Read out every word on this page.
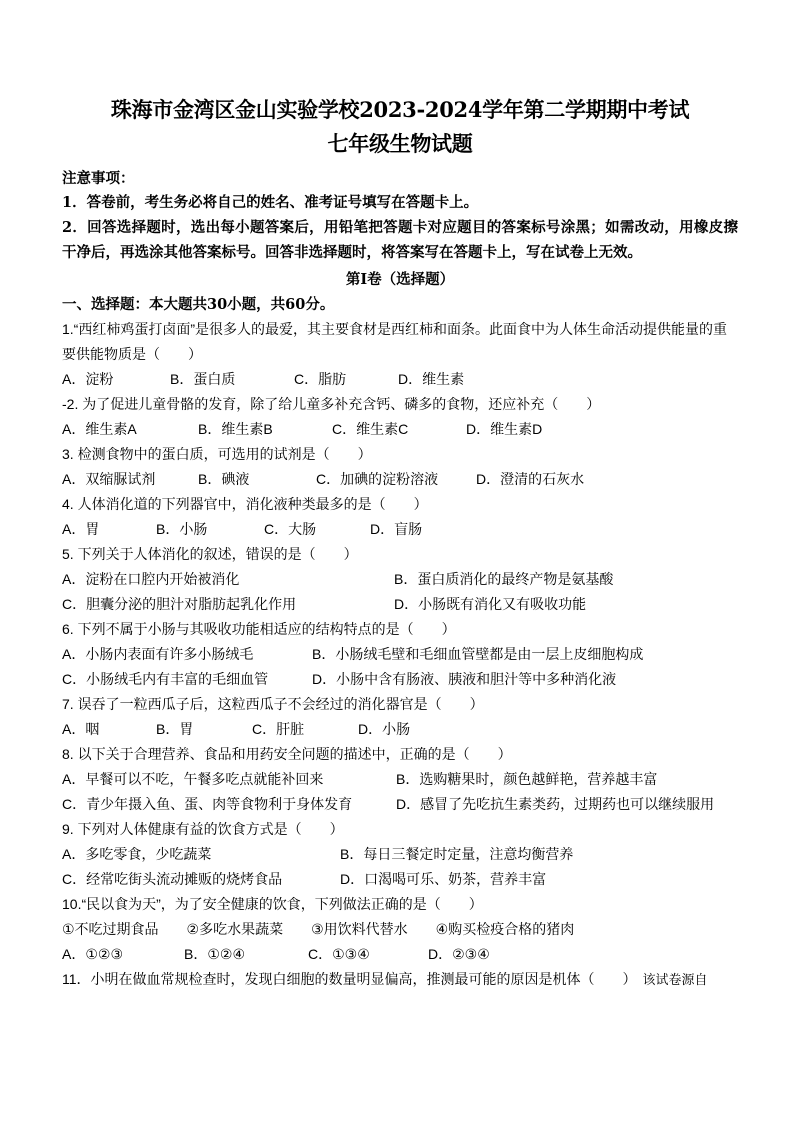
珠海市金湾区金山实验学校2023-2024学年第二学期期中考试
七年级生物试题
注意事项：
1．答卷前，考生务必将自己的姓名、准考证号填写在答题卡上。
2．回答选择题时，选出每小题答案后，用铅笔把答题卡对应题目的答案标号涂黑；如需改动，用橡皮擦干净后，再选涂其他答案标号。回答非选择题时，将答案写在答题卡上，写在试卷上无效。
第Ⅰ卷（选择题）
一、选择题：本大题共30小题，共60分。
1.“西红柿鸡蛋打卤面”是很多人的最爱，其主要食材是西红柿和面条。此面食中为人体生命活动提供能量的重要供能物质是（　　）
A．淀粉	B．蛋白质	C．脂肪	D．维生素
-2. 为了促进儿童骨骼的发育，除了给儿童多补充含钙、磷多的食物，还应补充（　　）
A．维生素A	B．维生素B	C．维生素C	D．维生素D
3. 检测食物中的蛋白质，可选用的试剂是（　　）
A．双缩脲试剂	B．碘液	C．加碘的淀粉溶液	D．澄清的石灰水
4. 人体消化道的下列器官中，消化液种类最多的是（　　）
A．胃	B．小肠	C．大肠	D．盲肠
5. 下列关于人体消化的叙述，错误的是（　　）
A．淀粉在口腔内开始被消化	B．蛋白质消化的最终产物是氨基酸
C．胆囊分泌的胆汁对脂肪起乳化作用	D．小肠既有消化又有吸收功能
6. 下列不属于小肠与其吸收功能相适应的结构特点的是（　　）
A．小肠内表面有许多小肠绒毛	B．小肠绒毛壁和毛细血管壁都是由一层上皮细胞构成
C．小肠绒毛内有丰富的毛细血管	D．小肠中含有肠液、胰液和胆汁等中多种消化液
7. 误吞了一粒西瓜子后，这粒西瓜子不会经过的消化器官是（　　）
A．咽	B．胃	C．肝脏	D．小肠
8. 以下关于合理营养、食品和用药安全问题的描述中，正确的是（　　）
A．早餐可以不吃，午餐多吃点就能补回来	B．选购糖果时，颜色越鲜艳，营养越丰富
C．青少年摄入鱼、蛋、肉等食物利于身体发育	D．感冒了先吃抗生素类药，过期药也可以继续服用
9. 下列对人体健康有益的饮食方式是（　　）
A．多吃零食，少吃蔬菜	B．每日三餐定时定量，注意均衡营养
C．经常吃街头流动摊贩的烧烤食品	D．口渴喝可乐、奶茶，营养丰富
10.“民以食为天”，为了安全健康的饮食，下列做法正确的是（　　）
①不吃过期食品　　②多吃水果蔬菜　　③用饮料代替水　　④购买检疫合格的猪肉
A．①②③	B．①②④	C．①③④	D．②③④
11．小明在做血常规检查时，发现白细胞的数量明显偏高，推测最可能的原因是机体（　　） 该试卷源自
